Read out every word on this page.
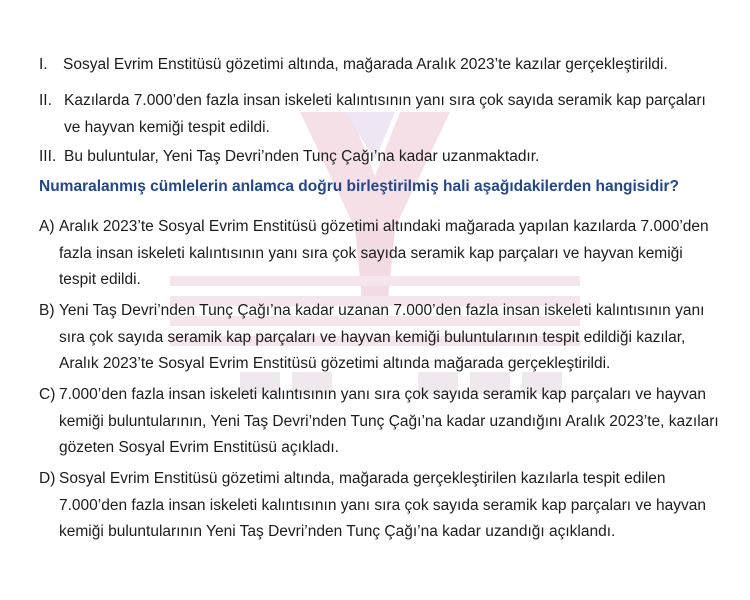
I. Sosyal Evrim Enstitüsü gözetimi altında, mağarada Aralık 2023’te kazılar gerçekleştirildi.

II. Kazılarda 7.000’den fazla insan iskeleti kalıntısının yanı sıra çok sayıda seramik kap parçaları ve hayvan kemiği tespit edildi.

III. Bu buluntular, Yeni Taş Devri’nden Tunç Çağı’na kadar uzanmaktadır.

Numaralanmış cümlelerin anlamca doğru birleştirilmiş hali aşağıdakilerden hangisidir?

A) Aralık 2023’te Sosyal Evrim Enstitüsü gözetimi altındaki mağarada yapılan kazılarda 7.000’den fazla insan iskeleti kalıntısının yanı sıra çok sayıda seramik kap parçaları ve hayvan kemiği tespit edildi.
B) Yeni Taş Devri’nden Tunç Çağı’na kadar uzanan 7.000’den fazla insan iskeleti kalıntısının yanı sıra çok sayıda seramik kap parçaları ve hayvan kemiği buluntularının tespit edildiği kazılar, Aralık 2023’te Sosyal Evrim Enstitüsü gözetimi altında mağarada gerçekleştirildi.
C) 7.000’den fazla insan iskeleti kalıntısının yanı sıra çok sayıda seramik kap parçaları ve hayvan kemiği buluntularının, Yeni Taş Devri’nden Tunç Çağı’na kadar uzandığını Aralık 2023’te, kazıları gözeten Sosyal Evrim Enstitüsü açıkladı.
D) Sosyal Evrim Enstitüsü gözetimi altında, mağarada gerçekleştirilen kazılarla tespit edilen 7.000’den fazla insan iskeleti kalıntısının yanı sıra çok sayıda seramik kap parçaları ve hayvan kemiği buluntularının Yeni Taş Devri’nden Tunç Çağı’na kadar uzandığı açıklandı.
